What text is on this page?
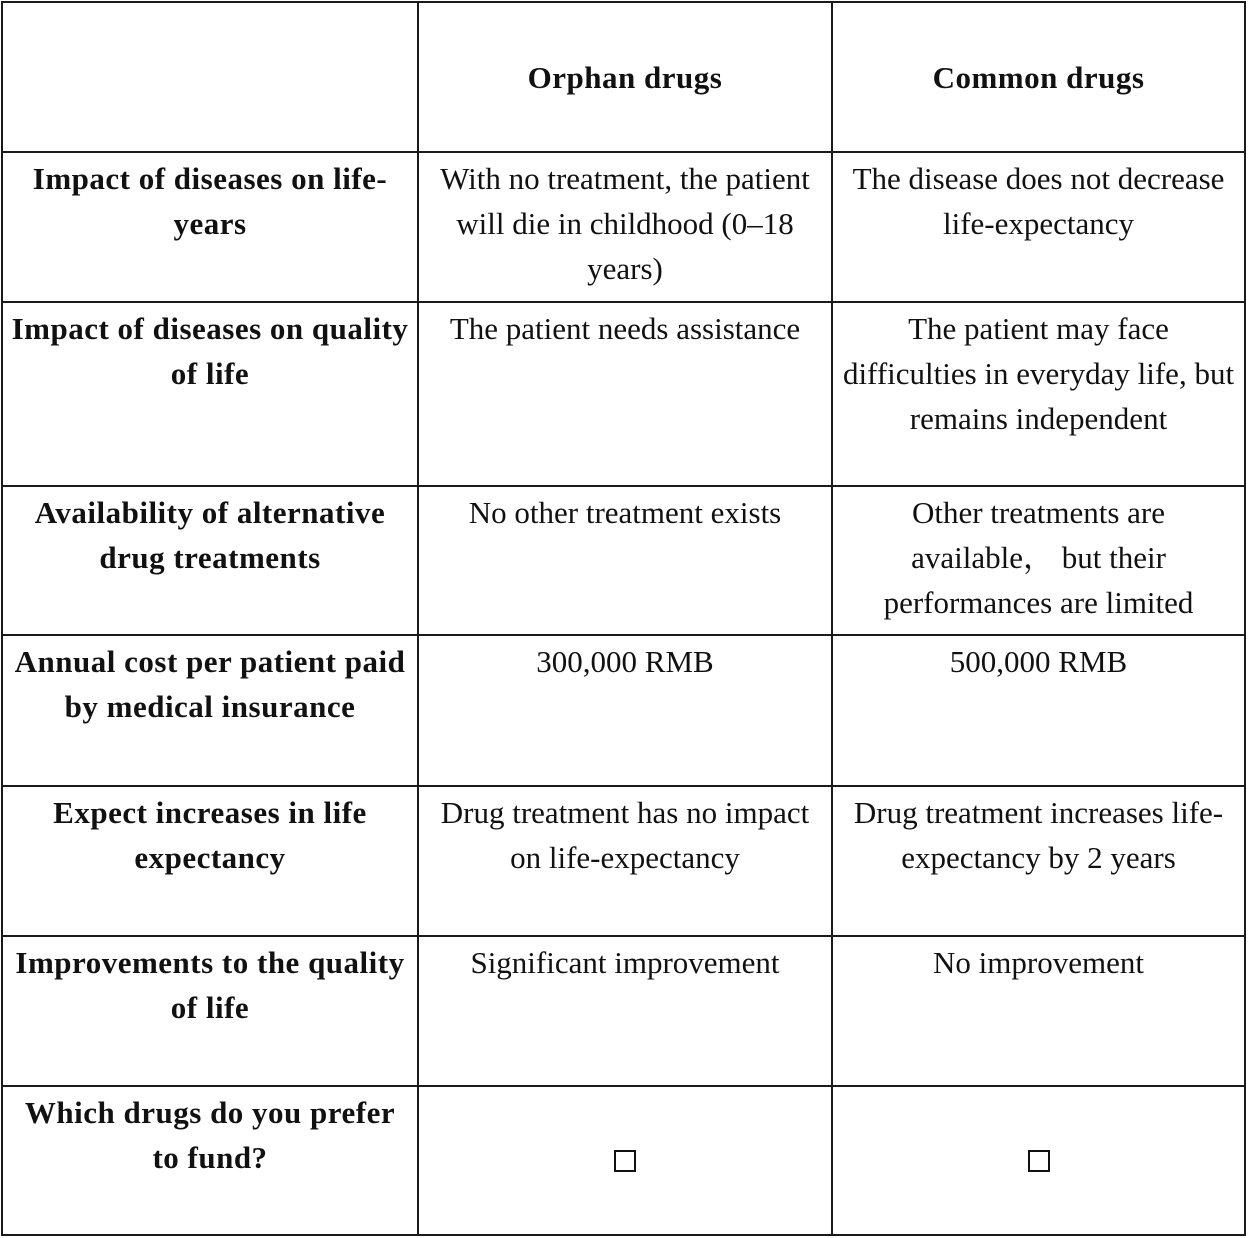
	Orphan drugs	Common drugs
Impact of diseases on life-years	With no treatment, the patient will die in childhood (0–18 years)	The disease does not decrease life-expectancy
Impact of diseases on quality of life	The patient needs assistance	The patient may face difficulties in everyday life, but remains independent
Availability of alternative drug treatments	No other treatment exists	Other treatments are available， but their performances are limited
Annual cost per patient paid by medical insurance	300,000 RMB	500,000 RMB
Expect increases in life expectancy	Drug treatment has no impact on life-expectancy	Drug treatment increases life-expectancy by 2 years
Improvements to the quality of life	Significant improvement	No improvement
Which drugs do you prefer to fund?		
